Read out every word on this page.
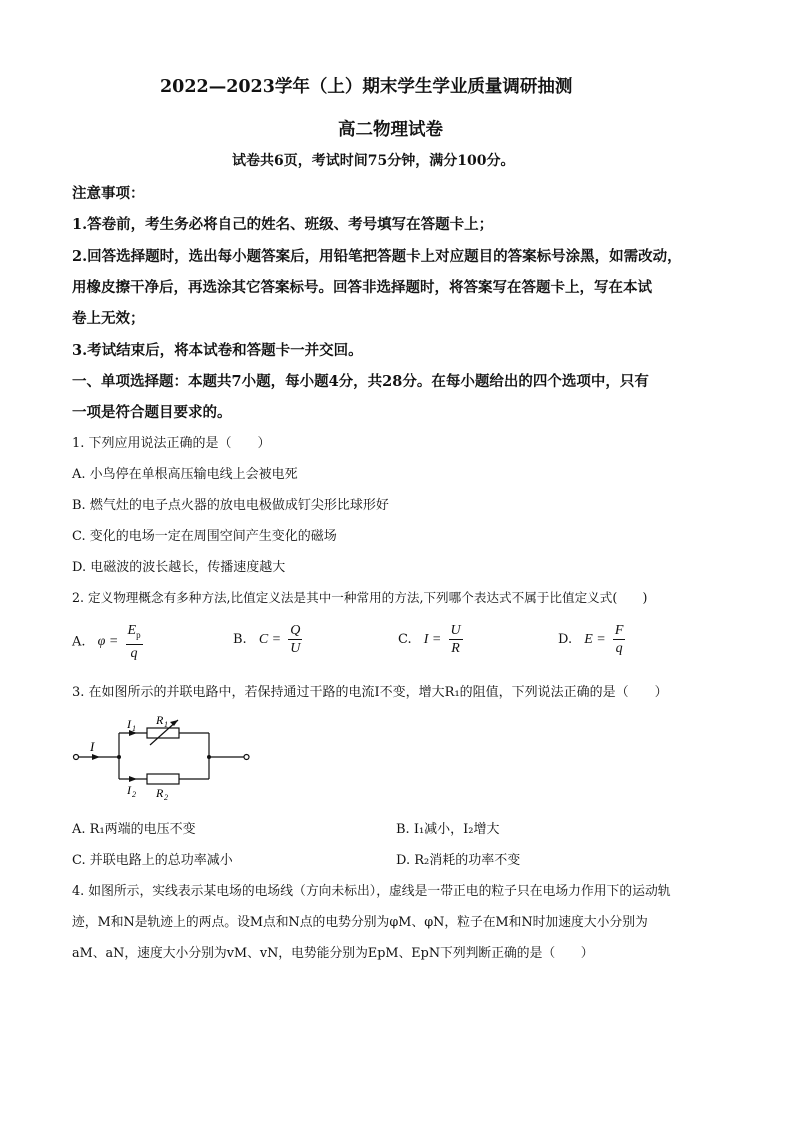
2022—2023学年（上）期末学生学业质量调研抽测
高二物理试卷
试卷共6页，考试时间75分钟，满分100分。
注意事项：
1.答卷前，考生务必将自己的姓名、班级、考号填写在答题卡上；
2.回答选择题时，选出每小题答案后，用铅笔把答题卡上对应题目的答案标号涂黑，如需改动，
用橡皮擦干净后，再选涂其它答案标号。回答非选择题时，将答案写在答题卡上，写在本试
卷上无效；
3.考试结束后，将本试卷和答题卡一并交回。
一、单项选择题：本题共7小题，每小题4分，共28分。在每小题给出的四个选项中，只有
一项是符合题目要求的。
1. 下列应用说法正确的是（　　）
A. 小鸟停在单根高压输电线上会被电死
B. 燃气灶的电子点火器的放电电极做成钉尖形比球形好
C. 变化的电场一定在周围空间产生变化的磁场
D. 电磁波的波长越长，传播速度越大
2. 定义物理概念有多种方法,比值定义法是其中一种常用的方法,下列哪个表达式不属于比值定义式(　　)
A. $\varphi = \frac{E_p}{q}$	B. $C = \frac{Q}{U}$	C. $I = \frac{U}{R}$	D. $E = \frac{F}{q}$
3. 在如图所示的并联电路中，若保持通过干路的电流I不变，增大R₁的阻值，下列说法正确的是（　　）
I
I 1
R 1
I 2 R 2
A. R₁两端的电压不变	B. I₁减小，I₂增大
C. 并联电路上的总功率减小	D. R₂消耗的功率不变
4. 如图所示，实线表示某电场的电场线（方向未标出），虚线是一带正电的粒子只在电场力作用下的运动轨
迹，M和N是轨迹上的两点。设M点和N点的电势分别为φM、φN，粒子在M和N时加速度大小分别为
aM、aN，速度大小分别为vM、vN，电势能分别为EpM、EpN下列判断正确的是（　　）
